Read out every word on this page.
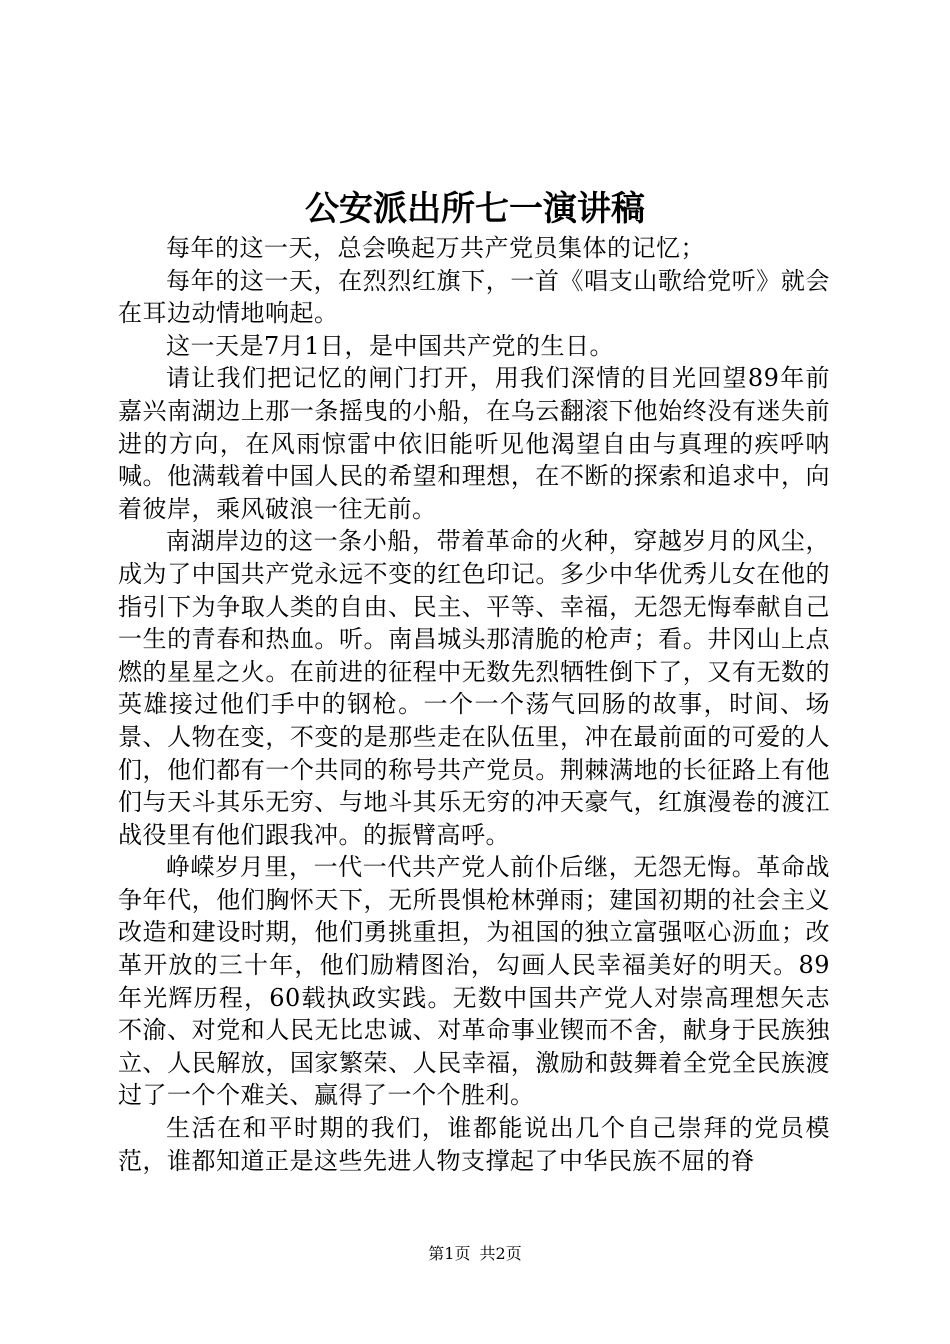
公安派出所七一演讲稿

每年的这一天，总会唤起万共产党员集体的记忆；

每年的这一天，在烈烈红旗下，一首《唱支山歌给党听》就会在耳边动情地响起。

这一天是7月1日，是中国共产党的生日。

请让我们把记忆的闸门打开，用我们深情的目光回望89年前嘉兴南湖边上那一条摇曳的小船，在乌云翻滚下他始终没有迷失前进的方向，在风雨惊雷中依旧能听见他渴望自由与真理的疾呼呐喊。他满载着中国人民的希望和理想，在不断的探索和追求中，向着彼岸，乘风破浪一往无前。

南湖岸边的这一条小船，带着革命的火种，穿越岁月的风尘，成为了中国共产党永远不变的红色印记。多少中华优秀儿女在他的指引下为争取人类的自由、民主、平等、幸福，无怨无悔奉献自己一生的青春和热血。听。南昌城头那清脆的枪声；看。井冈山上点燃的星星之火。在前进的征程中无数先烈牺牲倒下了，又有无数的英雄接过他们手中的钢枪。一个一个荡气回肠的故事，时间、场景、人物在变，不变的是那些走在队伍里，冲在最前面的可爱的人们，他们都有一个共同的称号共产党员。荆棘满地的长征路上有他们与天斗其乐无穷、与地斗其乐无穷的冲天豪气，红旗漫卷的渡江战役里有他们跟我冲。的振臂高呼。

峥嵘岁月里，一代一代共产党人前仆后继，无怨无悔。革命战争年代，他们胸怀天下，无所畏惧枪林弹雨；建国初期的社会主义改造和建设时期，他们勇挑重担，为祖国的独立富强呕心沥血；改革开放的三十年，他们励精图治，勾画人民幸福美好的明天。89年光辉历程，60载执政实践。无数中国共产党人对崇高理想矢志不渝、对党和人民无比忠诚、对革命事业锲而不舍，献身于民族独立、人民解放，国家繁荣、人民幸福，激励和鼓舞着全党全民族渡过了一个个难关、赢得了一个个胜利。

生活在和平时期的我们，谁都能说出几个自己崇拜的党员模范，谁都知道正是这些先进人物支撑起了中华民族不屈的脊

第1页 共2页
